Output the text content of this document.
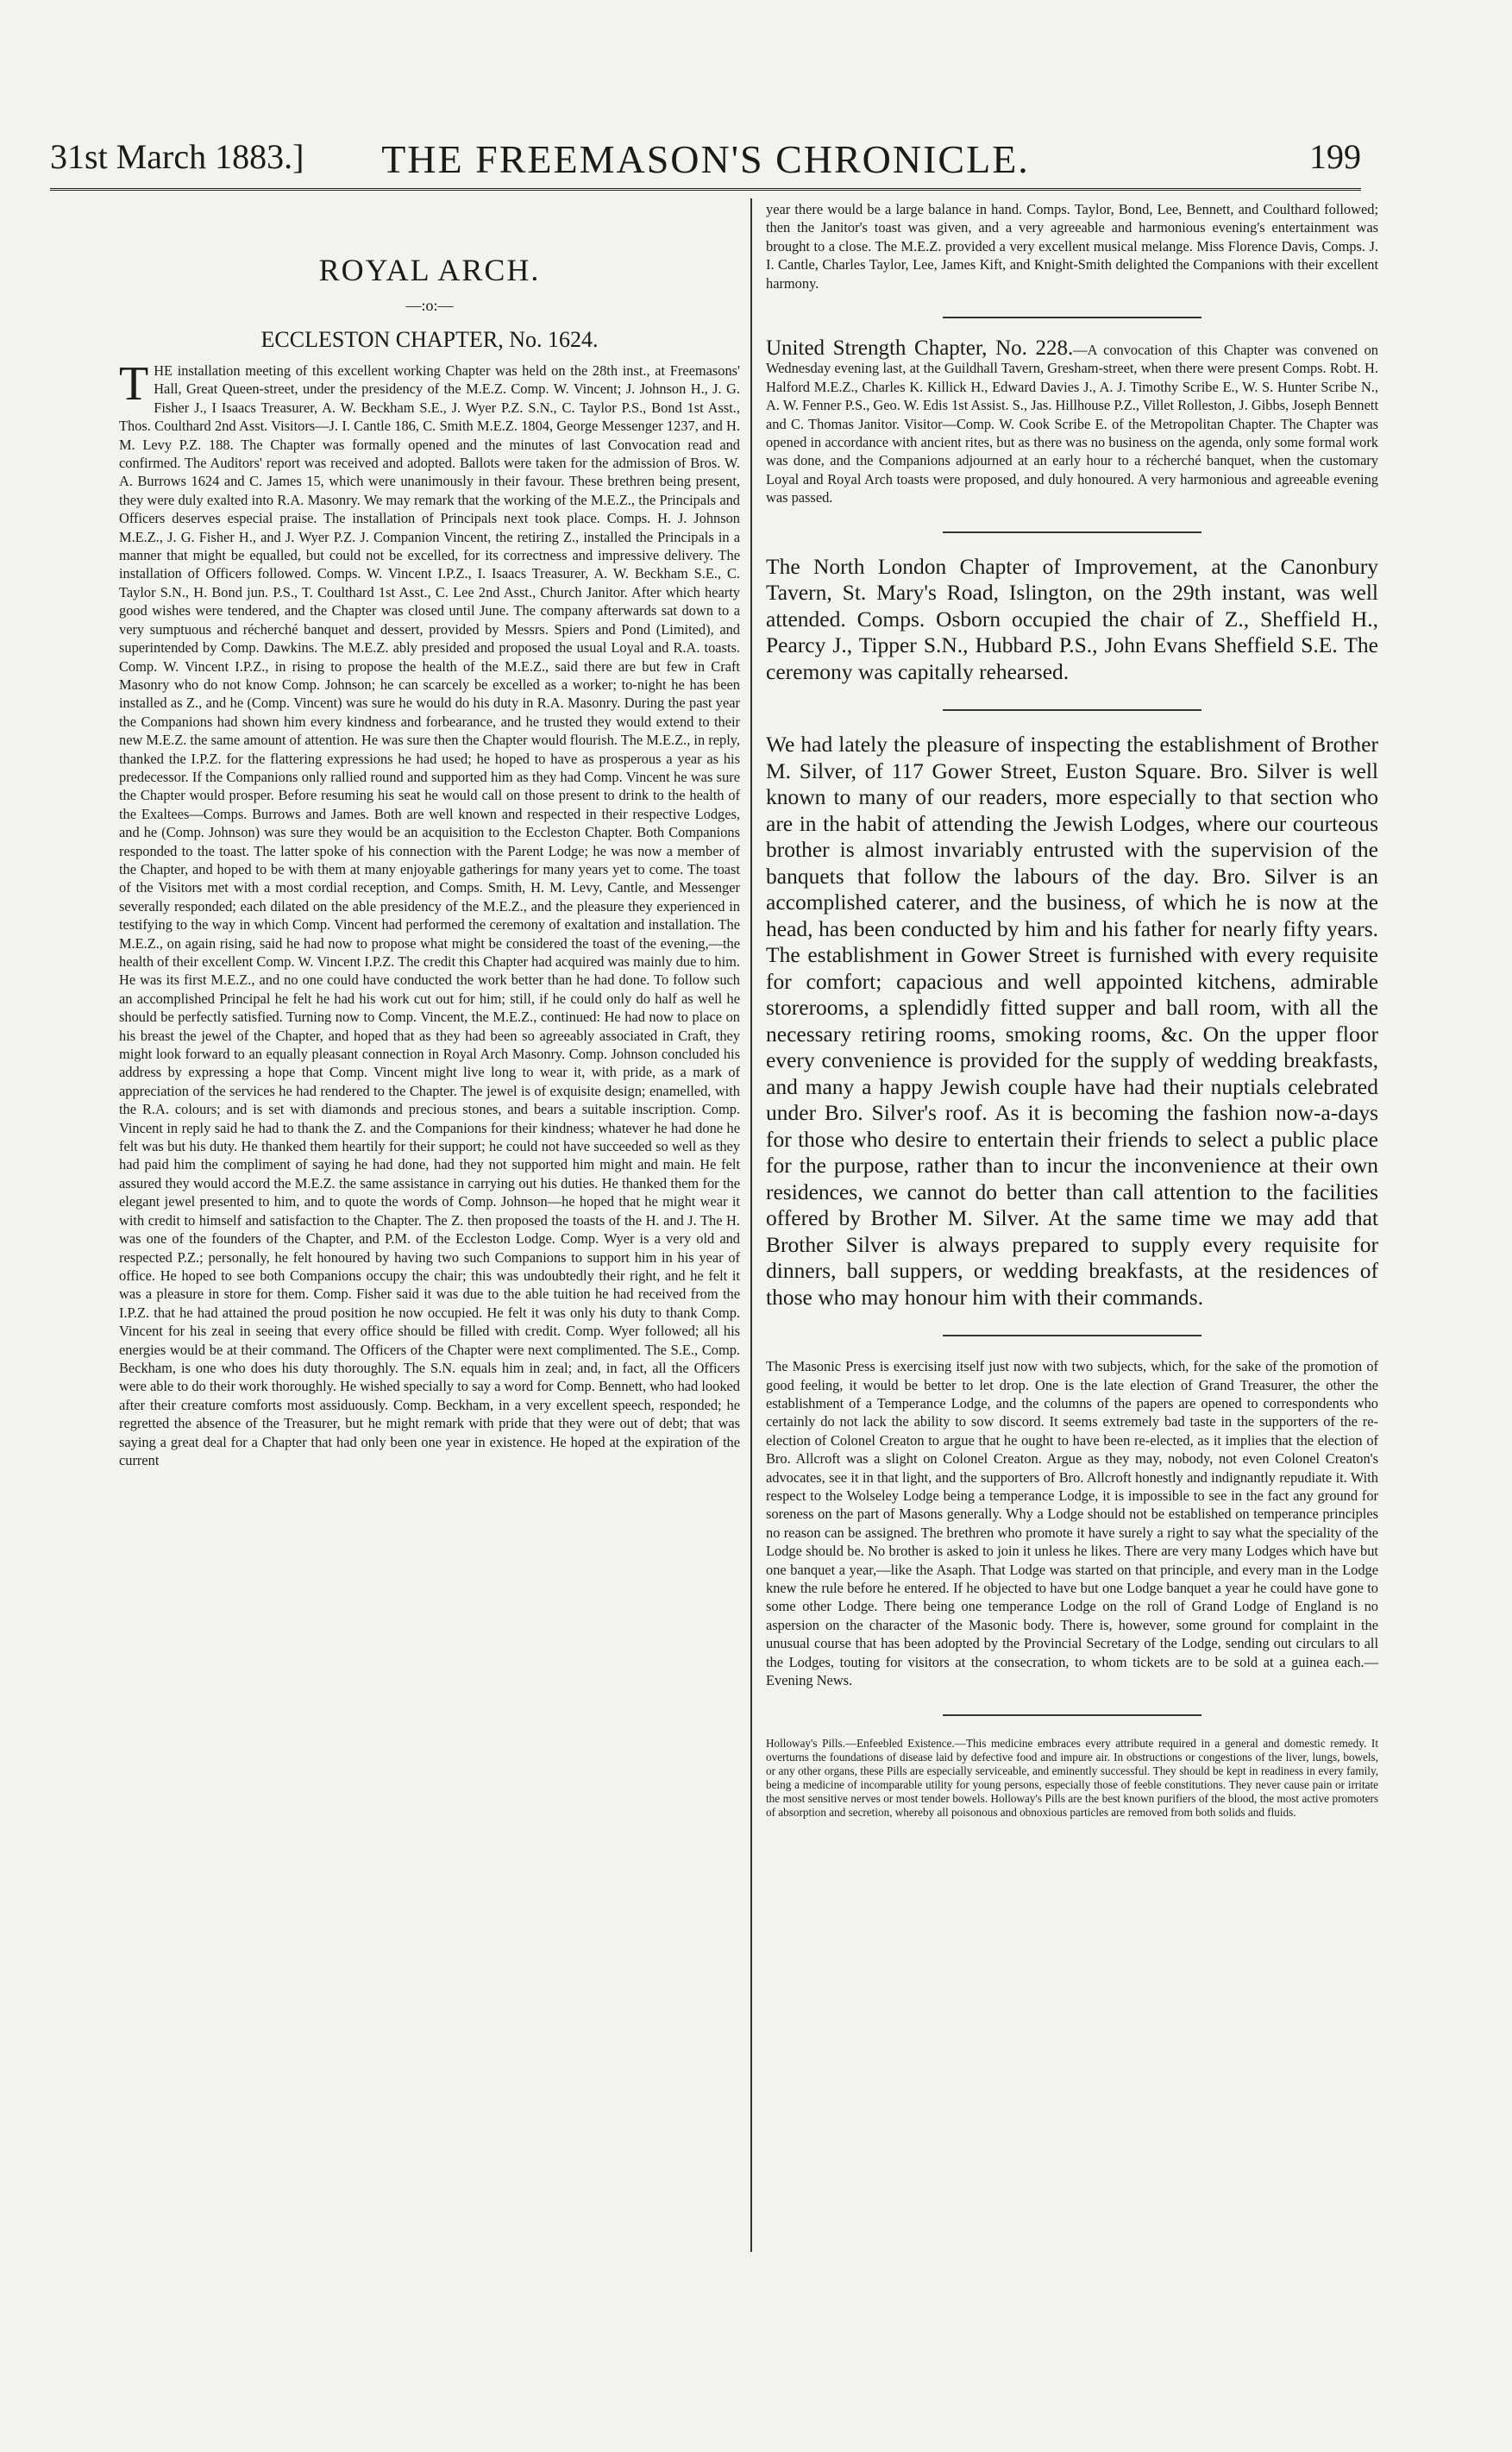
31st March 1883.]	THE FREEMASON'S CHRONICLE.	199
ROYAL ARCH.
—:o:—
ECCLESTON CHAPTER, No. 1624.

THE installation meeting of this excellent working Chapter was held on the 28th inst., at Freemasons' Hall, Great Queen-street, under the presidency of the M.E.Z. Comp. W. Vincent; J. Johnson H., J. G. Fisher J., I Isaacs Treasurer, A. W. Beckham S.E., J. Wyer P.Z. S.N., C. Taylor P.S., Bond 1st Asst., Thos. Coulthard 2nd Asst. Visitors—J. I. Cantle 186, C. Smith M.E.Z. 1804, George Messenger 1237, and H. M. Levy P.Z. 188. The Chapter was formally opened and the minutes of last Convocation read and confirmed. The Auditors' report was received and adopted. Ballots were taken for the admission of Bros. W. A. Burrows 1624 and C. James 15, which were unanimously in their favour. These brethren being present, they were duly exalted into R.A. Masonry. We may remark that the working of the M.E.Z., the Principals and Officers deserves especial praise. The installation of Principals next took place. Comps. H. J. Johnson M.E.Z., J. G. Fisher H., and J. Wyer P.Z. J. Companion Vincent, the retiring Z., installed the Principals in a manner that might be equalled, but could not be excelled, for its correctness and impressive delivery. The installation of Officers followed. Comps. W. Vincent I.P.Z., I. Isaacs Treasurer, A. W. Beckham S.E., C. Taylor S.N., H. Bond jun. P.S., T. Coulthard 1st Asst., C. Lee 2nd Asst., Church Janitor. After which hearty good wishes were tendered, and the Chapter was closed until June. The company afterwards sat down to a very sumptuous and récherché banquet and dessert, provided by Messrs. Spiers and Pond (Limited), and superintended by Comp. Dawkins. The M.E.Z. ably presided and proposed the usual Loyal and R.A. toasts. Comp. W. Vincent I.P.Z., in rising to propose the health of the M.E.Z., said there are but few in Craft Masonry who do not know Comp. Johnson; he can scarcely be excelled as a worker; to-night he has been installed as Z., and he (Comp. Vincent) was sure he would do his duty in R.A. Masonry. During the past year the Companions had shown him every kindness and forbearance, and he trusted they would extend to their new M.E.Z. the same amount of attention. He was sure then the Chapter would flourish. The M.E.Z., in reply, thanked the I.P.Z. for the flattering expressions he had used; he hoped to have as prosperous a year as his predecessor. If the Companions only rallied round and supported him as they had Comp. Vincent he was sure the Chapter would prosper. Before resuming his seat he would call on those present to drink to the health of the Exaltees—Comps. Burrows and James. Both are well known and respected in their respective Lodges, and he (Comp. Johnson) was sure they would be an acquisition to the Eccleston Chapter. Both Companions responded to the toast. The latter spoke of his connection with the Parent Lodge; he was now a member of the Chapter, and hoped to be with them at many enjoyable gatherings for many years yet to come. The toast of the Visitors met with a most cordial reception, and Comps. Smith, H. M. Levy, Cantle, and Messenger severally responded; each dilated on the able presidency of the M.E.Z., and the pleasure they experienced in testifying to the way in which Comp. Vincent had performed the ceremony of exaltation and installation. The M.E.Z., on again rising, said he had now to propose what might be considered the toast of the evening,—the health of their excellent Comp. W. Vincent I.P.Z. The credit this Chapter had acquired was mainly due to him. He was its first M.E.Z., and no one could have conducted the work better than he had done. To follow such an accomplished Principal he felt he had his work cut out for him; still, if he could only do half as well he should be perfectly satisfied. Turning now to Comp. Vincent, the M.E.Z., continued: He had now to place on his breast the jewel of the Chapter, and hoped that as they had been so agreeably associated in Craft, they might look forward to an equally pleasant connection in Royal Arch Masonry. Comp. Johnson concluded his address by expressing a hope that Comp. Vincent might live long to wear it, with pride, as a mark of appreciation of the services he had rendered to the Chapter. The jewel is of exquisite design; enamelled, with the R.A. colours; and is set with diamonds and precious stones, and bears a suitable inscription. Comp. Vincent in reply said he had to thank the Z. and the Companions for their kindness; whatever he had done he felt was but his duty. He thanked them heartily for their support; he could not have succeeded so well as they had paid him the compliment of saying he had done, had they not supported him might and main. He felt assured they would accord the M.E.Z. the same assistance in carrying out his duties. He thanked them for the elegant jewel presented to him, and to quote the words of Comp. Johnson—he hoped that he might wear it with credit to himself and satisfaction to the Chapter. The Z. then proposed the toasts of the H. and J. The H. was one of the founders of the Chapter, and P.M. of the Eccleston Lodge. Comp. Wyer is a very old and respected P.Z.; personally, he felt honoured by having two such Companions to support him in his year of office. He hoped to see both Companions occupy the chair; this was undoubtedly their right, and he felt it was a pleasure in store for them. Comp. Fisher said it was due to the able tuition he had received from the I.P.Z. that he had attained the proud position he now occupied. He felt it was only his duty to thank Comp. Vincent for his zeal in seeing that every office should be filled with credit. Comp. Wyer followed; all his energies would be at their command. The Officers of the Chapter were next complimented. The S.E., Comp. Beckham, is one who does his duty thoroughly. The S.N. equals him in zeal; and, in fact, all the Officers were able to do their work thoroughly. He wished specially to say a word for Comp. Bennett, who had looked after their creature comforts most assiduously. Comp. Beckham, in a very excellent speech, responded; he regretted the absence of the Treasurer, but he might remark with pride that they were out of debt; that was saying a great deal for a Chapter that had only been one year in existence. He hoped at the expiration of the current

year there would be a large balance in hand. Comps. Taylor, Bond, Lee, Bennett, and Coulthard followed; then the Janitor's toast was given, and a very agreeable and harmonious evening's entertainment was brought to a close. The M.E.Z. provided a very excellent musical melange. Miss Florence Davis, Comps. J. I. Cantle, Charles Taylor, Lee, James Kift, and Knight-Smith delighted the Companions with their excellent harmony.

United Strength Chapter, No. 228.—A convocation of this Chapter was convened on Wednesday evening last, at the Guildhall Tavern, Gresham-street, when there were present Comps. Robt. H. Halford M.E.Z., Charles K. Killick H., Edward Davies J., A. J. Timothy Scribe E., W. S. Hunter Scribe N., A. W. Fenner P.S., Geo. W. Edis 1st Assist. S., Jas. Hillhouse P.Z., Villet Rolleston, J. Gibbs, Joseph Bennett and C. Thomas Janitor. Visitor—Comp. W. Cook Scribe E. of the Metropolitan Chapter. The Chapter was opened in accordance with ancient rites, but as there was no business on the agenda, only some formal work was done, and the Companions adjourned at an early hour to a récherché banquet, when the customary Loyal and Royal Arch toasts were proposed, and duly honoured. A very harmonious and agreeable evening was passed.

The North London Chapter of Improvement, at the Canonbury Tavern, St. Mary's Road, Islington, on the 29th instant, was well attended. Comps. Osborn occupied the chair of Z., Sheffield H., Pearcy J., Tipper S.N., Hubbard P.S., John Evans Sheffield S.E. The ceremony was capitally rehearsed.

We had lately the pleasure of inspecting the establishment of Brother M. Silver, of 117 Gower Street, Euston Square. Bro. Silver is well known to many of our readers, more especially to that section who are in the habit of attending the Jewish Lodges, where our courteous brother is almost invariably entrusted with the supervision of the banquets that follow the labours of the day. Bro. Silver is an accomplished caterer, and the business, of which he is now at the head, has been conducted by him and his father for nearly fifty years. The establishment in Gower Street is furnished with every requisite for comfort; capacious and well appointed kitchens, admirable storerooms, a splendidly fitted supper and ball room, with all the necessary retiring rooms, smoking rooms, &c. On the upper floor every convenience is provided for the supply of wedding breakfasts, and many a happy Jewish couple have had their nuptials celebrated under Bro. Silver's roof. As it is becoming the fashion now-a-days for those who desire to entertain their friends to select a public place for the purpose, rather than to incur the inconvenience at their own residences, we cannot do better than call attention to the facilities offered by Brother M. Silver. At the same time we may add that Brother Silver is always prepared to supply every requisite for dinners, ball suppers, or wedding breakfasts, at the residences of those who may honour him with their commands.

The Masonic Press is exercising itself just now with two subjects, which, for the sake of the promotion of good feeling, it would be better to let drop. One is the late election of Grand Treasurer, the other the establishment of a Temperance Lodge, and the columns of the papers are opened to correspondents who certainly do not lack the ability to sow discord. It seems extremely bad taste in the supporters of the re-election of Colonel Creaton to argue that he ought to have been re-elected, as it implies that the election of Bro. Allcroft was a slight on Colonel Creaton. Argue as they may, nobody, not even Colonel Creaton's advocates, see it in that light, and the supporters of Bro. Allcroft honestly and indignantly repudiate it. With respect to the Wolseley Lodge being a temperance Lodge, it is impossible to see in the fact any ground for soreness on the part of Masons generally. Why a Lodge should not be established on temperance principles no reason can be assigned. The brethren who promote it have surely a right to say what the speciality of the Lodge should be. No brother is asked to join it unless he likes. There are very many Lodges which have but one banquet a year,—like the Asaph. That Lodge was started on that principle, and every man in the Lodge knew the rule before he entered. If he objected to have but one Lodge banquet a year he could have gone to some other Lodge. There being one temperance Lodge on the roll of Grand Lodge of England is no aspersion on the character of the Masonic body. There is, however, some ground for complaint in the unusual course that has been adopted by the Provincial Secretary of the Lodge, sending out circulars to all the Lodges, touting for visitors at the consecration, to whom tickets are to be sold at a guinea each.—Evening News.

Holloway's Pills.—Enfeebled Existence.—This medicine embraces every attribute required in a general and domestic remedy. It overturns the foundations of disease laid by defective food and impure air. In obstructions or congestions of the liver, lungs, bowels, or any other organs, these Pills are especially serviceable, and eminently successful. They should be kept in readiness in every family, being a medicine of incomparable utility for young persons, especially those of feeble constitutions. They never cause pain or irritate the most sensitive nerves or most tender bowels. Holloway's Pills are the best known purifiers of the blood, the most active promoters of absorption and secretion, whereby all poisonous and obnoxious particles are removed from both solids and fluids.
